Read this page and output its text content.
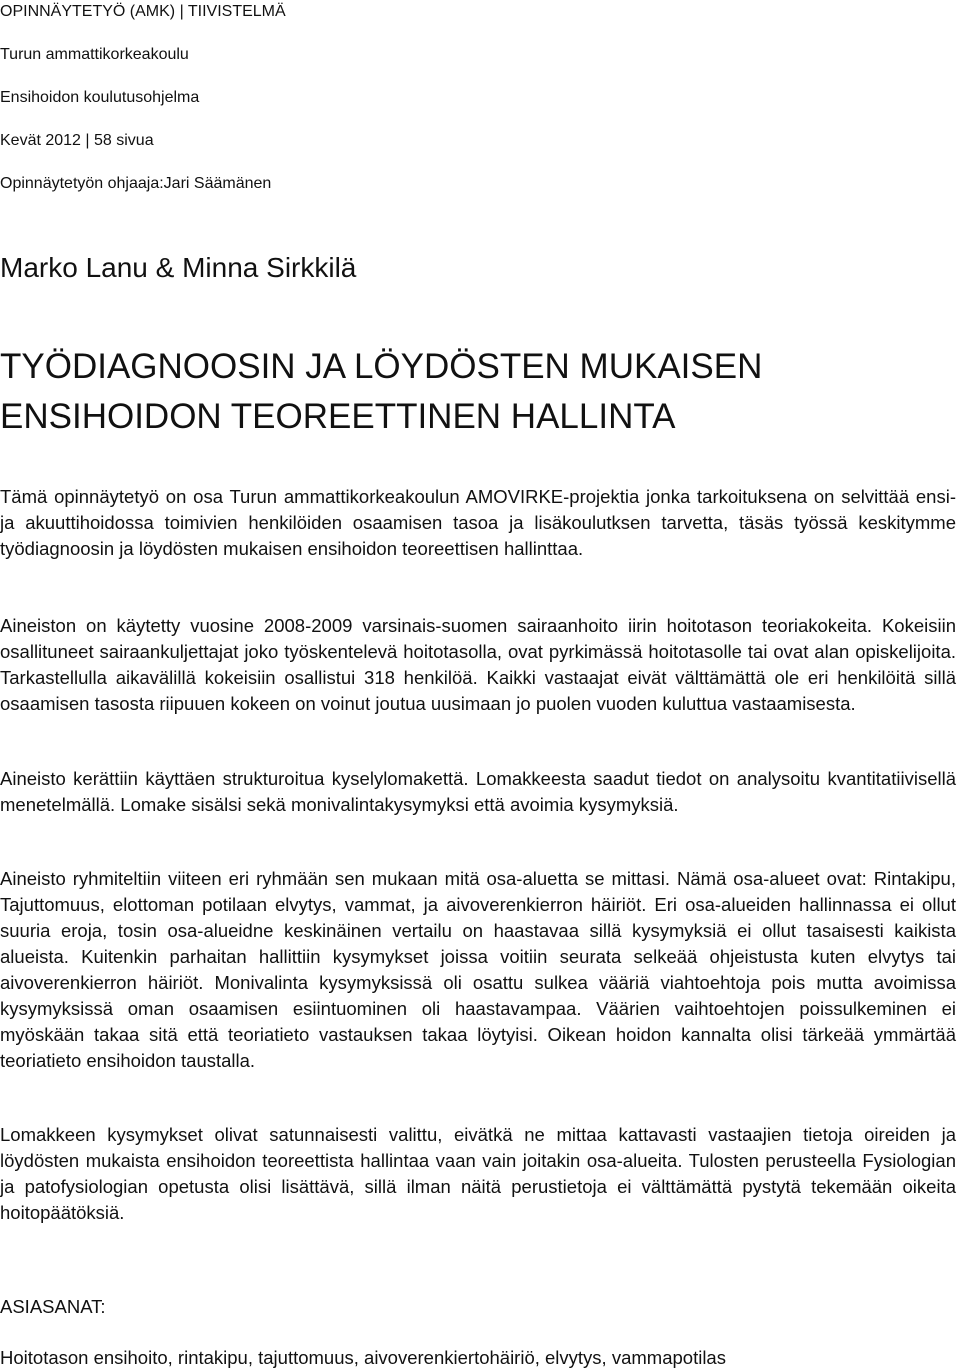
OPINNÄYTETYÖ (AMK) | TIIVISTELMÄ
Turun ammattikorkeakoulu
Ensihoidon koulutusohjelma
Kevät 2012 | 58 sivua
Opinnäytetyön ohjaaja:Jari Säämänen
Marko Lanu & Minna Sirkkilä
TYÖDIAGNOOSIN JA LÖYDÖSTEN MUKAISEN
ENSIHOIDON TEOREETTINEN HALLINTA
Tämä opinnäytetyö on osa Turun ammattikorkeakoulun AMOVIRKE-projektia jonka tarkoituksena on selvittää ensi- ja akuuttihoidossa toimivien henkilöiden osaamisen tasoa ja lisäkoulutksen tarvetta, täsäs työssä keskitymme työdiagnoosin ja löydösten mukaisen ensihoidon teoreettisen hallinttaa.
Aineiston on käytetty vuosine 2008-2009 varsinais-suomen sairaanhoito iirin hoitotason teoriakokeita. Kokeisiin osallituneet sairaankuljettajat joko työskentelevä hoitotasolla, ovat pyrkimässä hoitotasolle tai ovat alan opiskelijoita. Tarkastellulla aikavälillä kokeisiin osallistui 318 henkilöä. Kaikki vastaajat eivät välttämättä ole eri henkilöitä sillä osaamisen tasosta riipuuen kokeen on voinut joutua uusimaan jo puolen vuoden kuluttua vastaamisesta.
Aineisto kerättiin käyttäen strukturoitua kyselylomakettä. Lomakkeesta saadut tiedot on analysoitu kvantitatiivisellä menetelmällä. Lomake sisälsi sekä monivalintakysymyksi että avoimia kysymyksiä.
Aineisto ryhmiteltiin viiteen eri ryhmään sen mukaan mitä osa-aluetta se mittasi. Nämä osa-alueet ovat: Rintakipu, Tajuttomuus, elottoman potilaan elvytys, vammat, ja aivoverenkierron häiriöt. Eri osa-alueiden hallinnassa ei ollut suuria eroja, tosin osa-alueidne keskinäinen vertailu on haastavaa sillä kysymyksiä ei ollut tasaisesti kaikista alueista. Kuitenkin parhaitan hallittiin kysymykset joissa voitiin seurata selkeää ohjeistusta kuten elvytys tai aivoverenkierron häiriöt. Monivalinta kysymyksissä oli osattu sulkea vääriä viahtoehtoja pois mutta avoimissa kysymyksissä oman osaamisen esiintuominen oli haastavampaa. Väärien vaihtoehtojen poissulkeminen ei myöskään takaa sitä että teoriatieto vastauksen takaa löytyisi. Oikean hoidon kannalta olisi tärkeää ymmärtää teoriatieto ensihoidon taustalla.
Lomakkeen kysymykset olivat satunnaisesti valittu, eivätkä ne mittaa kattavasti vastaajien tietoja oireiden ja löydösten mukaista ensihoidon teoreettista hallintaa vaan vain joitakin osa-alueita. Tulosten perusteella Fysiologian ja patofysiologian opetusta olisi lisättävä, sillä ilman näitä perustietoja ei välttämättä pystytä tekemään oikeita hoitopäätöksiä.
ASIASANAT:
Hoitotason ensihoito, rintakipu, tajuttomuus, aivoverenkiertohäiriö, elvytys, vammapotilas
